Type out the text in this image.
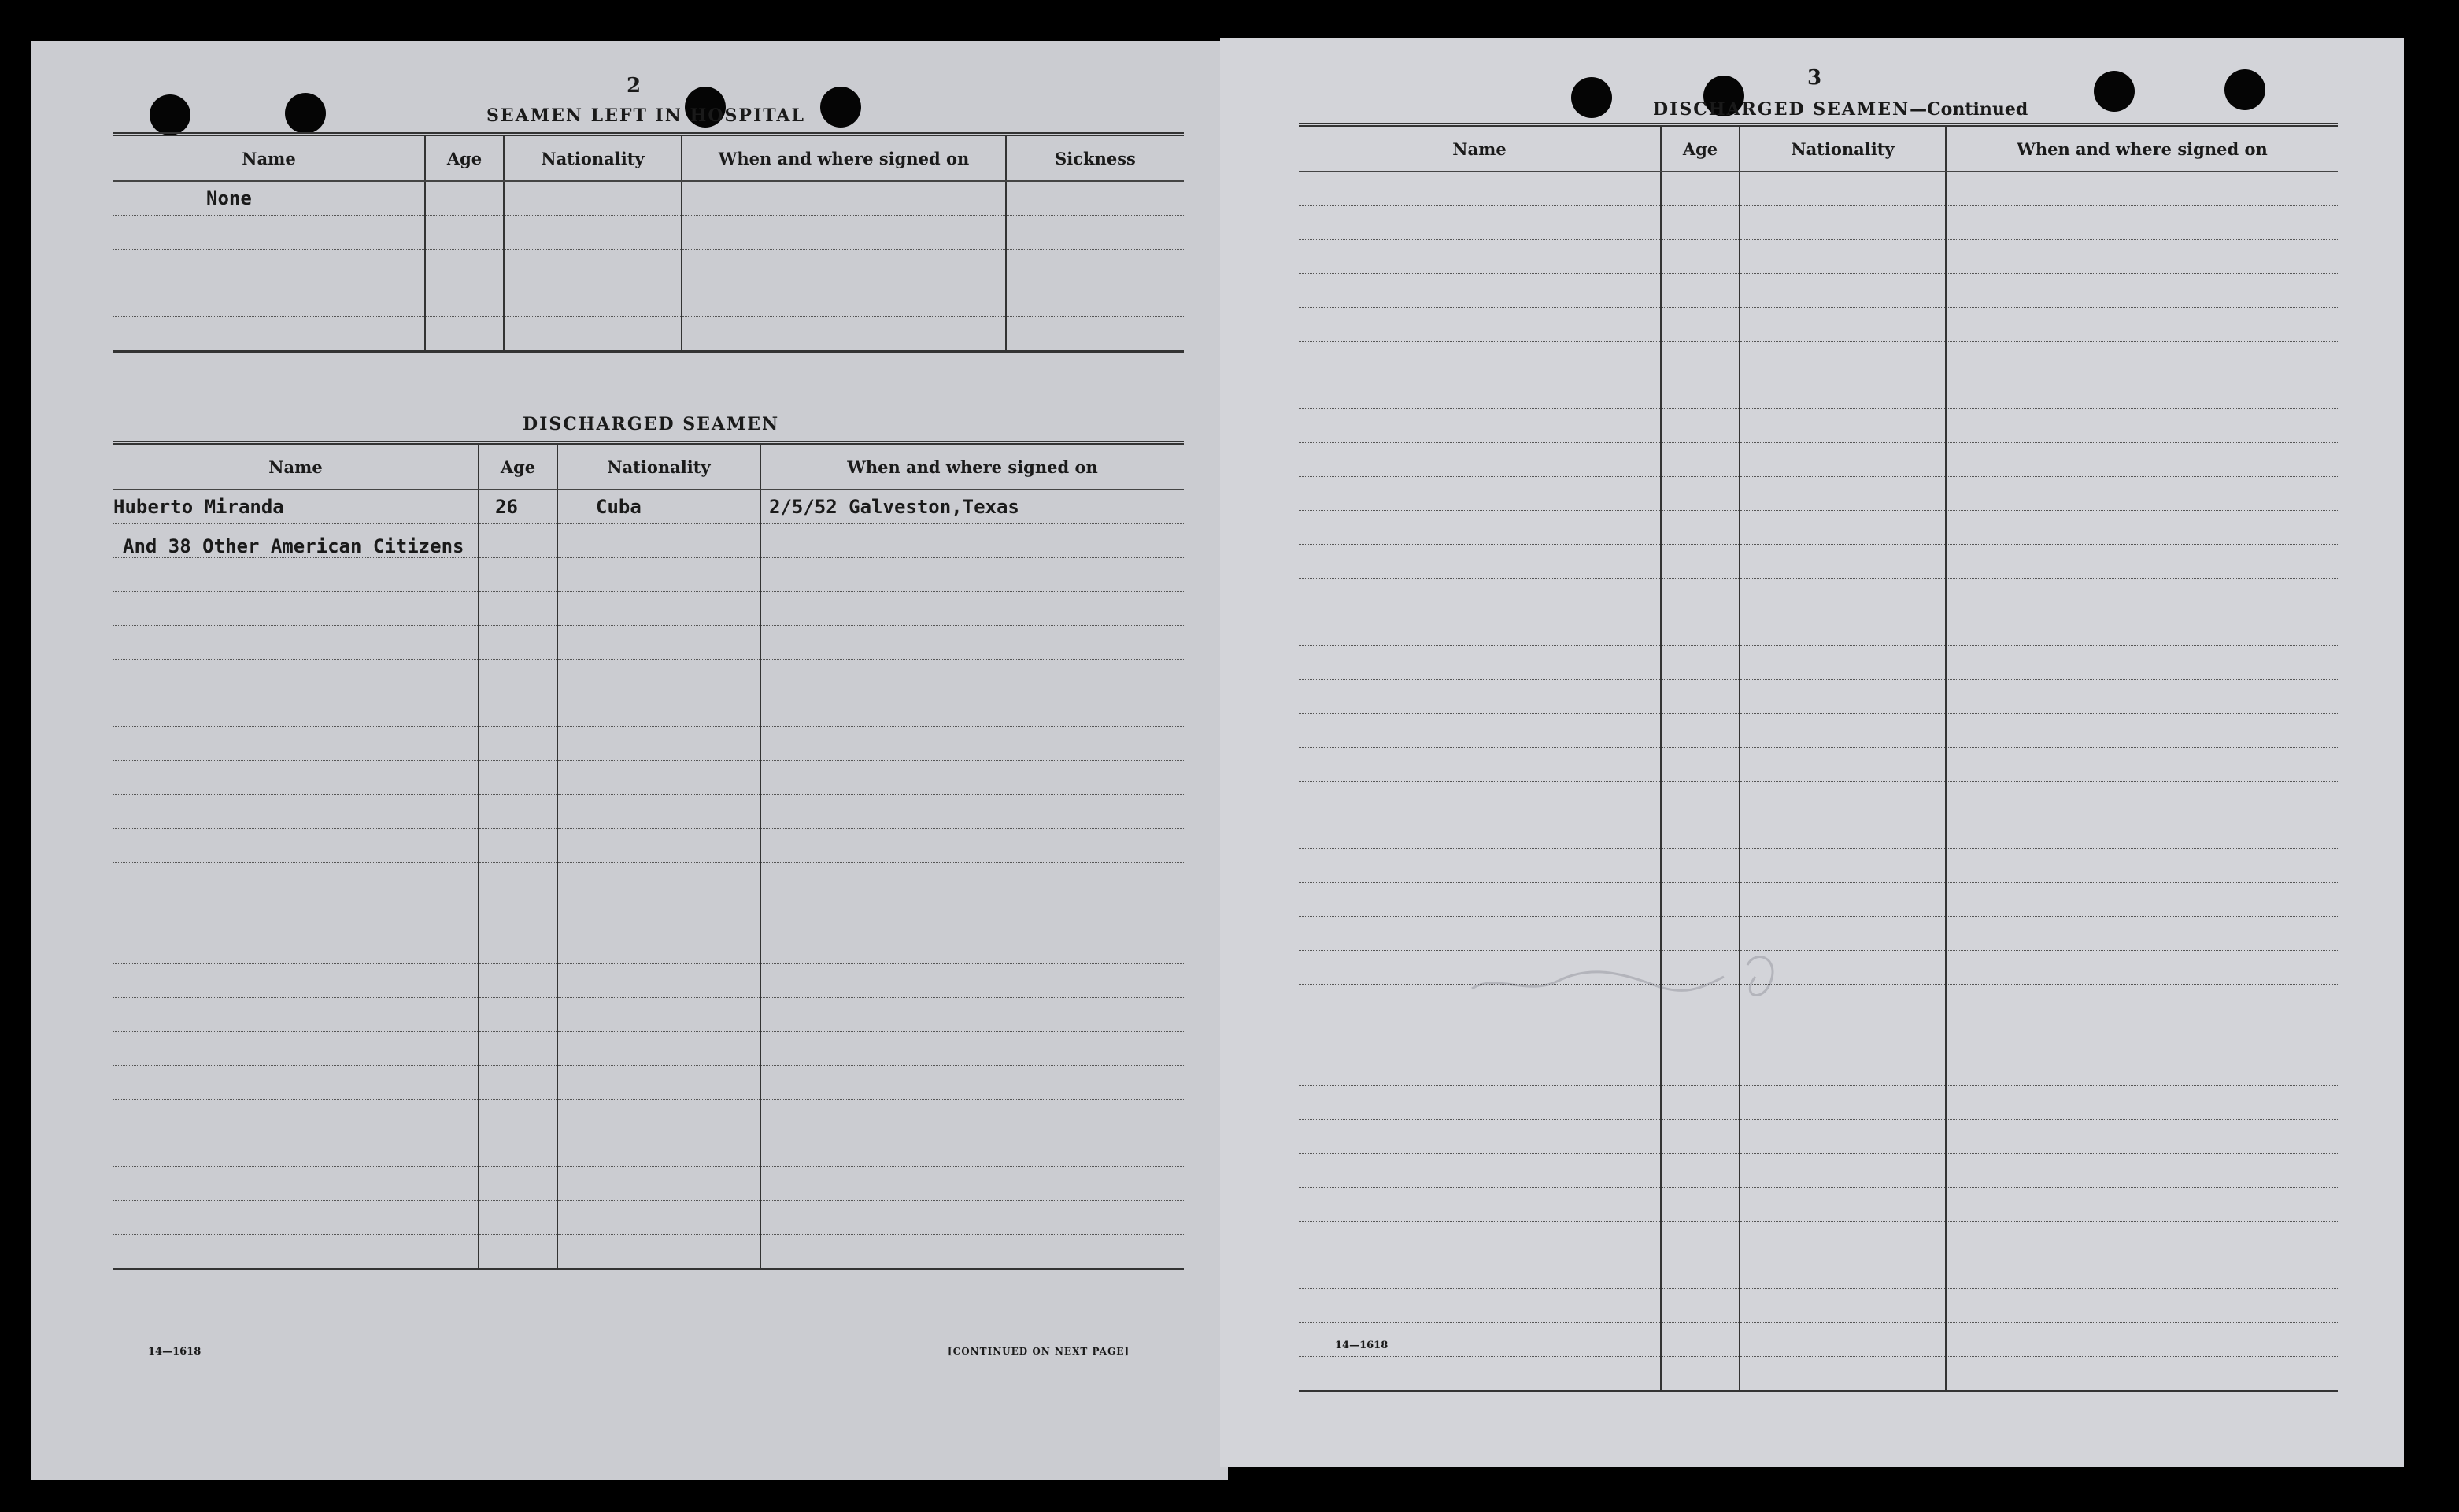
2
SEAMEN LEFT IN HOSPITAL
Name	Age	Nationality	When and where signed on	Sickness
None				

DISCHARGED SEAMEN
Name	Age	Nationality	When and where signed on
Huberto Miranda	26	Cuba	2/5/52 Galveston,Texas

And 38 Other American Citizens
14—1618	[CONTINUED ON NEXT PAGE]
3
DISCHARGED SEAMEN—Continued
Name	Age	Nationality	When and where signed on

14—1618
